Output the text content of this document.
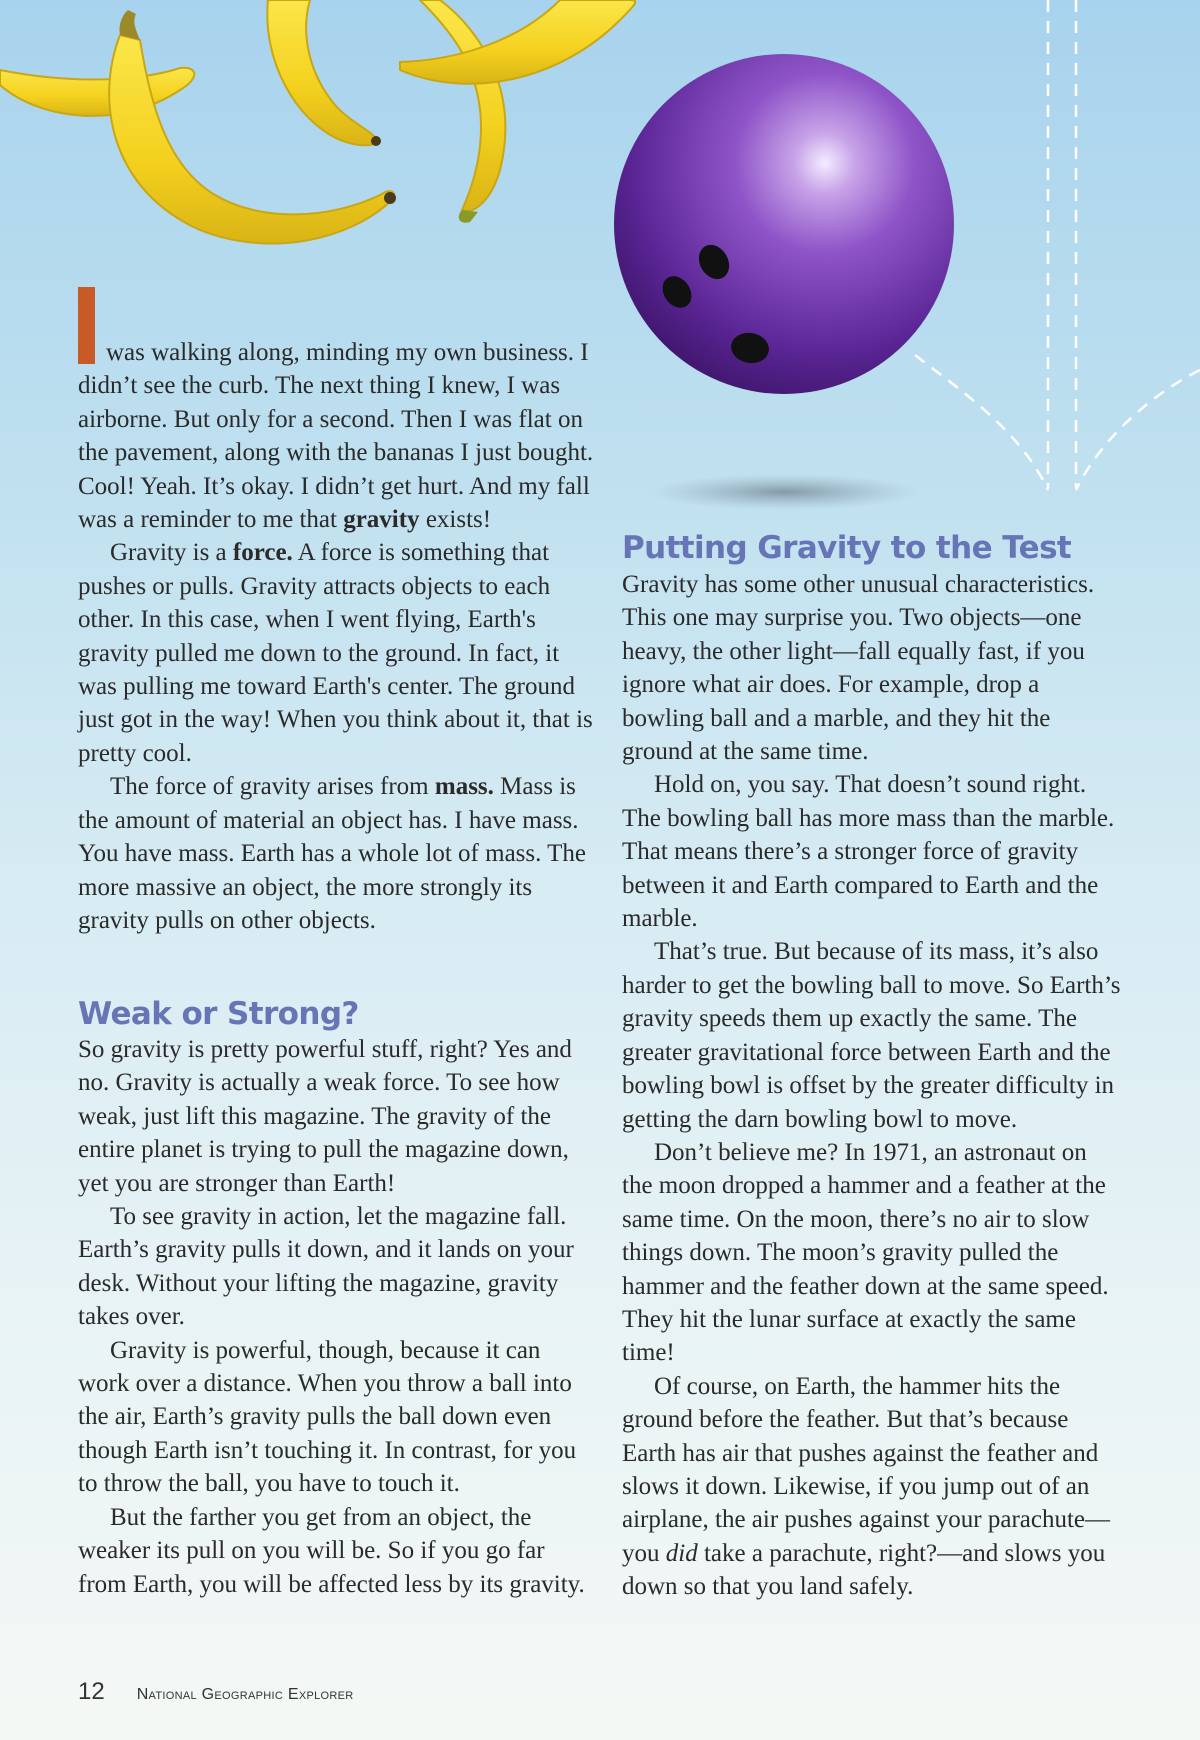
was walking along, minding my own business. I didn’t see the curb. The next thing I knew, I was airborne. But only for a second. Then I was flat on the pavement, along with the bananas I just bought. Cool! Yeah. It’s okay. I didn’t get hurt. And my fall was a reminder to me that gravity exists!

Gravity is a force. A force is something that pushes or pulls. Gravity attracts objects to each other. In this case, when I went flying, Earth's gravity pulled me down to the ground. In fact, it was pulling me toward Earth's center. The ground just got in the way! When you think about it, that is pretty cool.

The force of gravity arises from mass. Mass is the amount of material an object has. I have mass. You have mass. Earth has a whole lot of mass. The more massive an object, the more strongly its gravity pulls on other objects.

Weak or Strong?

So gravity is pretty powerful stuff, right? Yes and no. Gravity is actually a weak force. To see how weak, just lift this magazine. The gravity of the entire planet is trying to pull the magazine down, yet you are stronger than Earth!

To see gravity in action, let the magazine fall. Earth’s gravity pulls it down, and it lands on your desk. Without your lifting the magazine, gravity takes over.

Gravity is powerful, though, because it can work over a distance. When you throw a ball into the air, Earth’s gravity pulls the ball down even though Earth isn’t touching it. In contrast, for you to throw the ball, you have to touch it.

But the farther you get from an object, the weaker its pull on you will be. So if you go far from Earth, you will be affected less by its gravity.

Putting Gravity to the Test

Gravity has some other unusual characteristics. This one may surprise you. Two objects—one heavy, the other light—fall equally fast, if you ignore what air does. For example, drop a bowling ball and a marble, and they hit the ground at the same time.

Hold on, you say. That doesn’t sound right. The bowling ball has more mass than the marble. That means there’s a stronger force of gravity between it and Earth compared to Earth and the marble.

That’s true. But because of its mass, it’s also harder to get the bowling ball to move. So Earth’s gravity speeds them up exactly the same. The greater gravitational force between Earth and the bowling bowl is offset by the greater difficulty in getting the darn bowling bowl to move.

Don’t believe me? In 1971, an astronaut on the moon dropped a hammer and a feather at the same time. On the moon, there’s no air to slow things down. The moon’s gravity pulled the hammer and the feather down at the same speed. They hit the lunar surface at exactly the same time!

Of course, on Earth, the hammer hits the ground before the feather. But that’s because Earth has air that pushes against the feather and slows it down. Likewise, if you jump out of an airplane, the air pushes against your parachute—you did take a parachute, right?—and slows you down so that you land safely.

12 National Geographic Explorer
